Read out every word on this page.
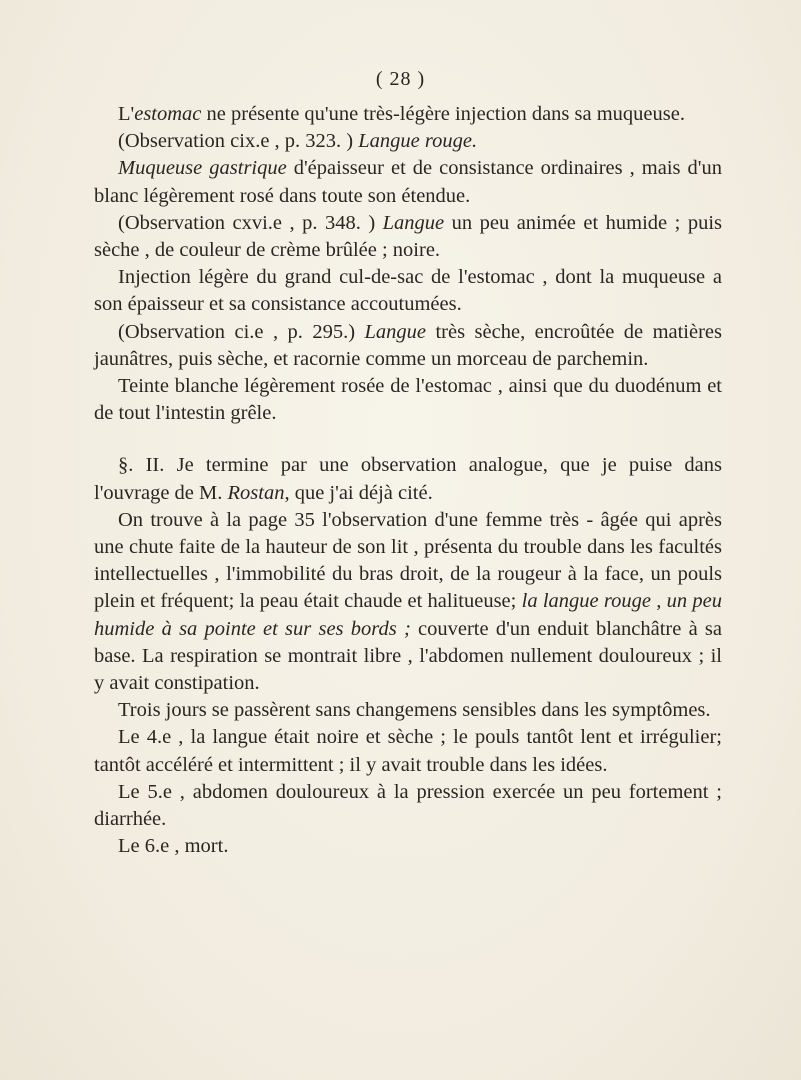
( 28 )

L'estomac ne présente qu'une très-légère injection dans sa muqueuse.

(Observation cix.e , p. 323. ) Langue rouge.

Muqueuse gastrique d'épaisseur et de consistance ordinaires , mais d'un blanc légèrement rosé dans toute son étendue.

(Observation cxvi.e , p. 348. ) Langue un peu animée et humide ; puis sèche , de couleur de crème brûlée ; noire.

Injection légère du grand cul-de-sac de l'estomac , dont la muqueuse a son épaisseur et sa consistance accoutumées.

(Observation ci.e , p. 295.) Langue très sèche, encroûtée de matières jaunâtres, puis sèche, et racornie comme un morceau de parchemin.

Teinte blanche légèrement rosée de l'estomac , ainsi que du duodénum et de tout l'intestin grêle.

§. II. Je termine par une observation analogue, que je puise dans l'ouvrage de M. Rostan, que j'ai déjà cité.

On trouve à la page 35 l'observation d'une femme très - âgée qui après une chute faite de la hauteur de son lit , présenta du trouble dans les facultés intellectuelles , l'immobilité du bras droit, de la rougeur à la face, un pouls plein et fréquent; la peau était chaude et halitueuse; la langue rouge , un peu humide à sa pointe et sur ses bords ; couverte d'un enduit blanchâtre à sa base. La respiration se montrait libre , l'abdomen nullement douloureux ; il y avait constipation.

Trois jours se passèrent sans changemens sensibles dans les symptômes.

Le 4.e , la langue était noire et sèche ; le pouls tantôt lent et irrégulier; tantôt accéléré et intermittent ; il y avait trouble dans les idées.

Le 5.e , abdomen douloureux à la pression exercée un peu fortement ; diarrhée.

Le 6.e , mort.
